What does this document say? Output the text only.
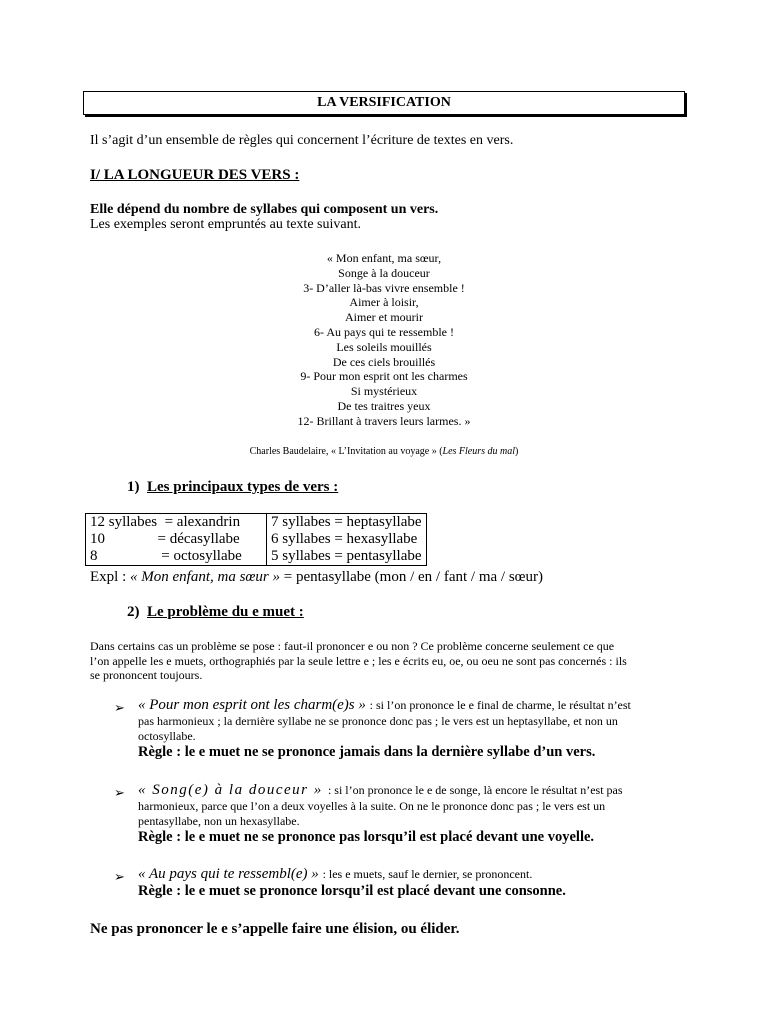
LA VERSIFICATION
Il s’agit d’un ensemble de règles qui concernent l’écriture de textes en vers.
I/ LA LONGUEUR DES VERS :
Elle dépend du nombre de syllabes qui composent un vers.
Les exemples seront empruntés au texte suivant.
« Mon enfant, ma sœur,
Songe à la douceur
3- D’aller là-bas vivre ensemble !
Aimer à loisir,
Aimer et mourir
6- Au pays qui te ressemble !
Les soleils mouillés
De ces ciels brouillés
9- Pour mon esprit ont les charmes
Si mystérieux
De tes traitres yeux
12- Brillant à travers leurs larmes. »
Charles Baudelaire, « L’Invitation au voyage » (Les Fleurs du mal)
1) Les principaux types de vers :
12 syllabes  = alexandrin	7 syllabes = heptasyllabe
10              = décasyllabe	6 syllabes = hexasyllabe
8                 = octosyllabe	5 syllabes = pentasyllabe
Expl : « Mon enfant, ma sœur » = pentasyllabe (mon / en / fant / ma / sœur)
2) Le problème du e muet :
Dans certains cas un problème se pose : faut-il prononcer e ou non ? Ce problème concerne seulement ce que
l’on appelle les e muets, orthographiés par la seule lettre e ; les e écrits eu, oe, ou oeu ne sont pas concernés : ils
se prononcent toujours.
➢ « Pour mon esprit ont les charm(e)s » : si l’on prononce le e final de charme, le résultat n’est
pas harmonieux ; la dernière syllabe ne se prononce donc pas ; le vers est un heptasyllabe, et non un
octosyllabe.
Règle : le e muet ne se prononce jamais dans la dernière syllabe d’un vers.
➢ « Song(e) à la douceur » : si l’on prononce le e de songe, là encore le résultat n’est pas
harmonieux, parce que l’on a deux voyelles à la suite. On ne le prononce donc pas ; le vers est un
pentasyllabe, non un hexasyllabe.
Règle : le e muet ne se prononce pas lorsqu’il est placé devant une voyelle.
➢ « Au pays qui te ressembl(e) » : les e muets, sauf le dernier, se prononcent.
Règle : le e muet se prononce lorsqu’il est placé devant une consonne.
Ne pas prononcer le e s’appelle faire une élision, ou élider.
